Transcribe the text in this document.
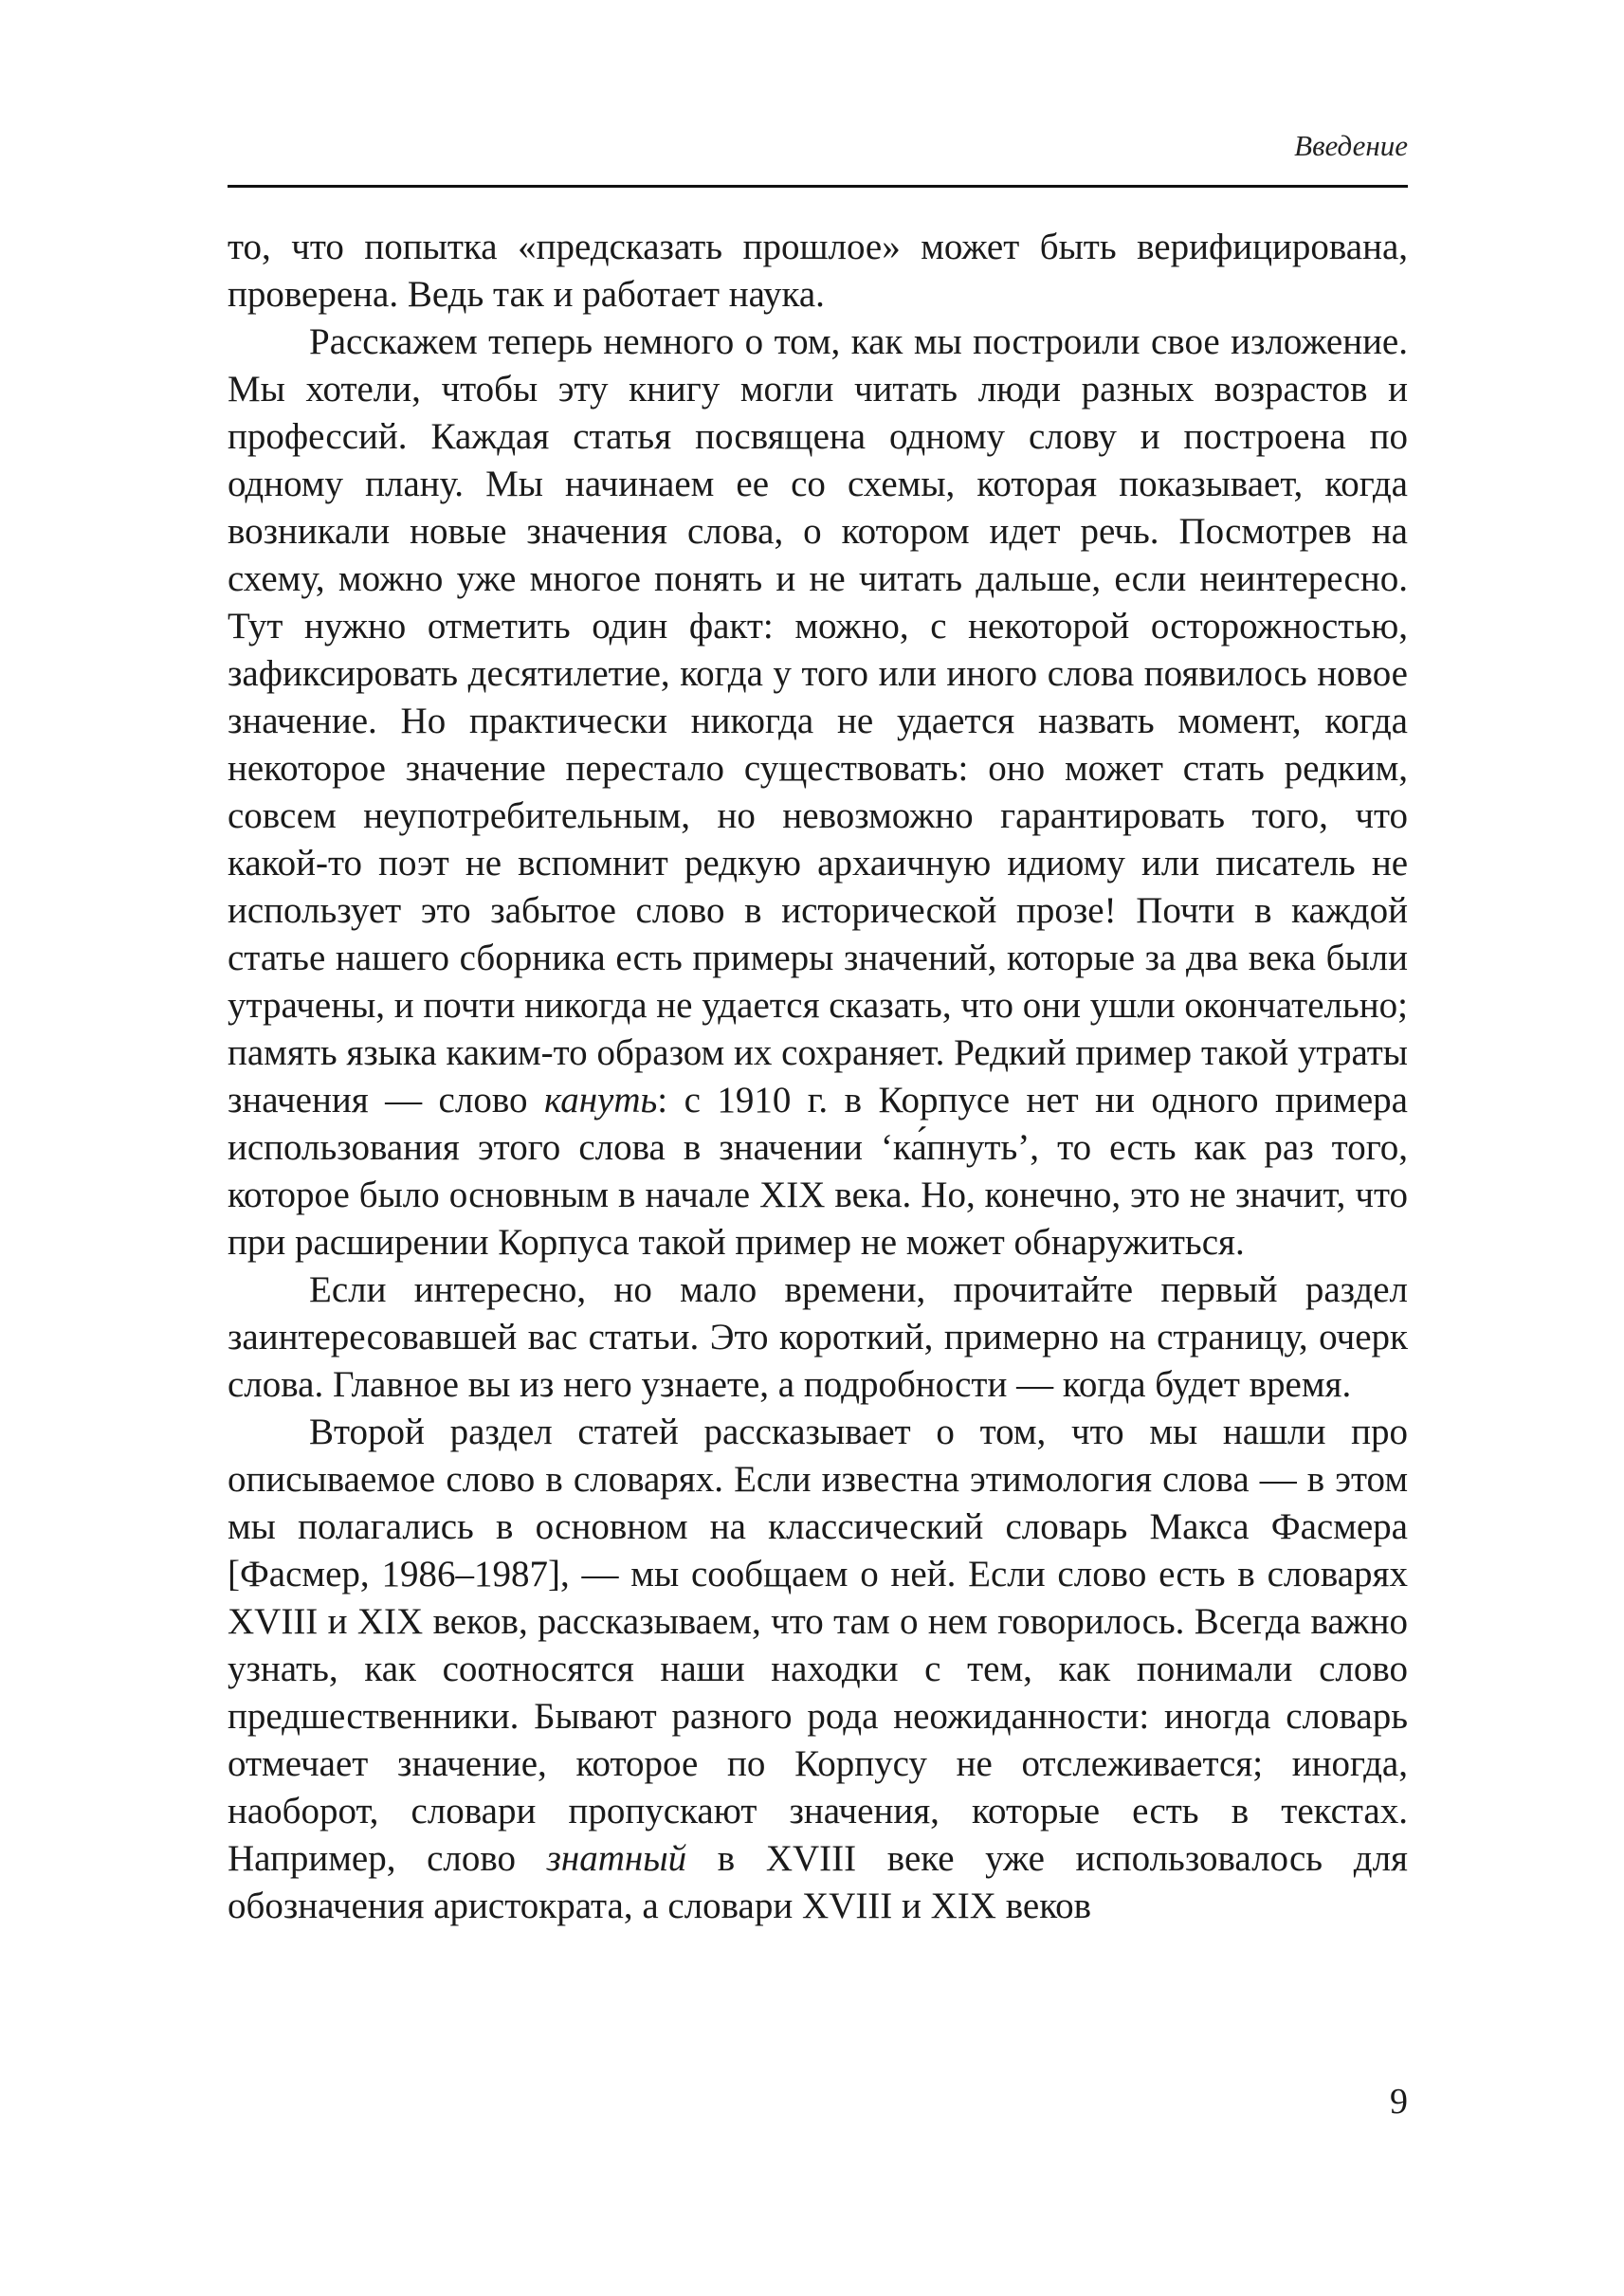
Введение

то, что попытка «предсказать прошлое» может быть верифицирована, проверена. Ведь так и работает наука.

Расскажем теперь немного о том, как мы построили свое изложение. Мы хотели, чтобы эту книгу могли читать люди разных возрастов и профессий. Каждая статья посвящена одному слову и построена по одному плану. Мы начинаем ее со схемы, которая показывает, когда возникали новые значения слова, о котором идет речь. Посмотрев на схему, можно уже многое понять и не читать дальше, если неинтересно. Тут нужно отметить один факт: можно, с некоторой осторожностью, зафиксировать десятилетие, когда у того или иного слова появилось новое значение. Но практически никогда не удается назвать момент, когда некоторое значение перестало существовать: оно может стать редким, совсем неупотребительным, но невозможно гарантировать того, что какой-то поэт не вспомнит редкую архаичную идиому или писатель не использует это забытое слово в исторической прозе! Почти в каждой статье нашего сборника есть примеры значений, которые за два века были утрачены, и почти никогда не удается сказать, что они ушли окончательно; память языка каким-то образом их сохраняет. Редкий пример такой утраты значения — слово кануть: с 1910 г. в Корпусе нет ни одного примера использования этого слова в значении ‘ка́пнуть’, то есть как раз того, которое было основным в начале XIX века. Но, конечно, это не значит, что при расширении Корпуса такой пример не может обнаружиться.

Если интересно, но мало времени, прочитайте первый раздел заинтересовавшей вас статьи. Это короткий, примерно на страницу, очерк слова. Главное вы из него узнаете, а подробности — когда будет время.

Второй раздел статей рассказывает о том, что мы нашли про описываемое слово в словарях. Если известна этимология слова — в этом мы полагались в основном на классический словарь Макса Фасмера [Фасмер, 1986–1987], — мы сообщаем о ней. Если слово есть в словарях XVIII и XIX веков, рассказываем, что там о нем говорилось. Всегда важно узнать, как соотносятся наши находки с тем, как понимали слово предшественники. Бывают разного рода неожиданности: иногда словарь отмечает значение, которое по Корпусу не отслеживается; иногда, наоборот, словари пропускают значения, которые есть в текстах. Например, слово знатный в XVIII веке уже использовалось для обозначения аристократа, а словари XVIII и XIX веков

9
